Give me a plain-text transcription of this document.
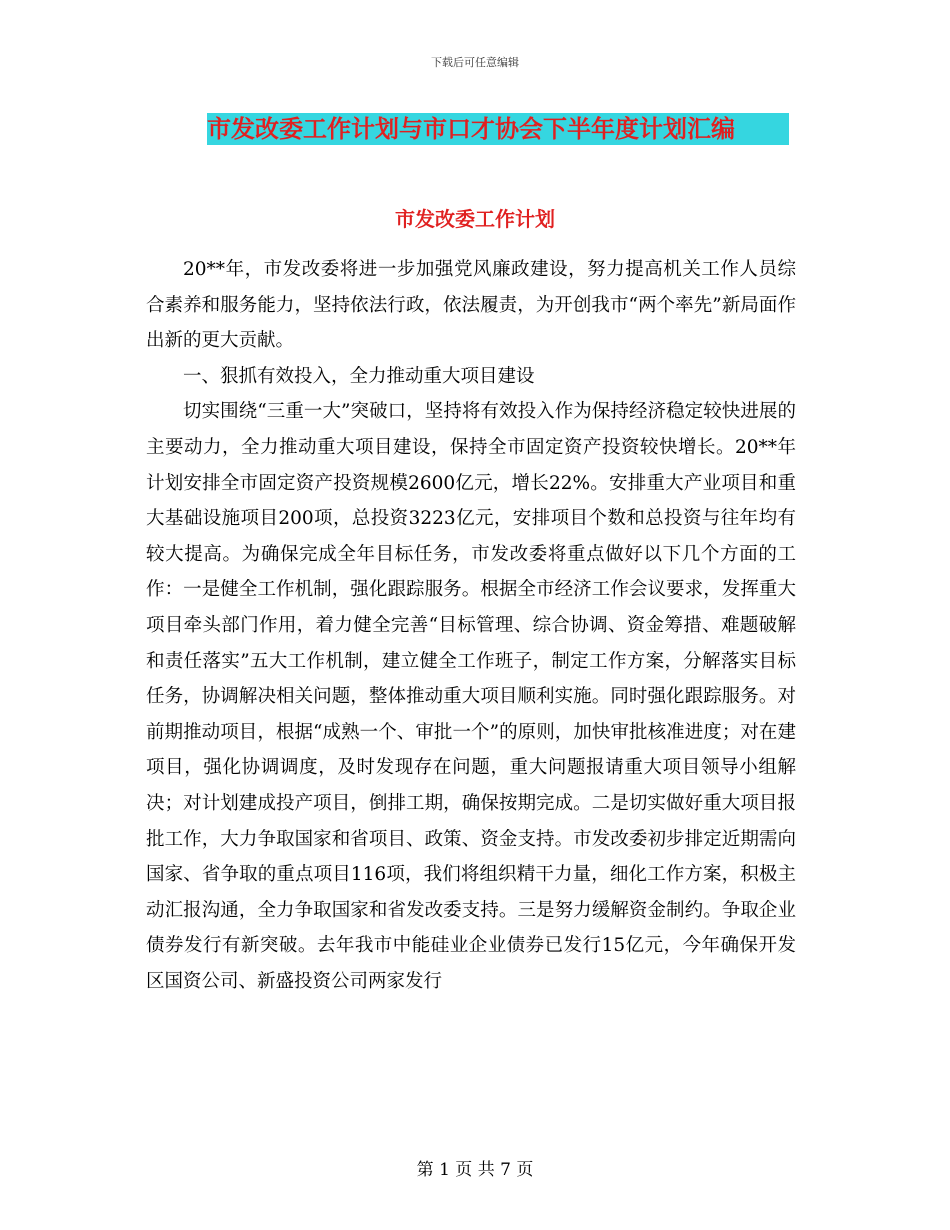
下载后可任意编辑
市发改委工作计划与市口才协会下半年度计划汇编
市发改委工作计划

20**年，市发改委将进一步加强党风廉政建设，努力提高机关工作人员综合素养和服务能力，坚持依法行政，依法履责，为开创我市“两个率先”新局面作出新的更大贡献。

一、狠抓有效投入，全力推动重大项目建设

切实围绕“三重一大”突破口，坚持将有效投入作为保持经济稳定较快进展的主要动力，全力推动重大项目建设，保持全市固定资产投资较快增长。20**年计划安排全市固定资产投资规模2600亿元，增长22%。安排重大产业项目和重大基础设施项目200项，总投资3223亿元，安排项目个数和总投资与往年均有较大提高。为确保完成全年目标任务，市发改委将重点做好以下几个方面的工作：一是健全工作机制，强化跟踪服务。根据全市经济工作会议要求，发挥重大项目牵头部门作用，着力健全完善“目标管理、综合协调、资金筹措、难题破解和责任落实”五大工作机制，建立健全工作班子，制定工作方案，分解落实目标任务，协调解决相关问题，整体推动重大项目顺利实施。同时强化跟踪服务。对前期推动项目，根据“成熟一个、审批一个”的原则，加快审批核准进度；对在建项目，强化协调调度，及时发现存在问题，重大问题报请重大项目领导小组解决；对计划建成投产项目，倒排工期，确保按期完成。二是切实做好重大项目报批工作，大力争取国家和省项目、政策、资金支持。市发改委初步排定近期需向国家、省争取的重点项目116项，我们将组织精干力量，细化工作方案，积极主动汇报沟通，全力争取国家和省发改委支持。三是努力缓解资金制约。争取企业债券发行有新突破。去年我市中能硅业企业债券已发行15亿元，今年确保开发区国资公司、新盛投资公司两家发行

第 1 页 共 7 页
